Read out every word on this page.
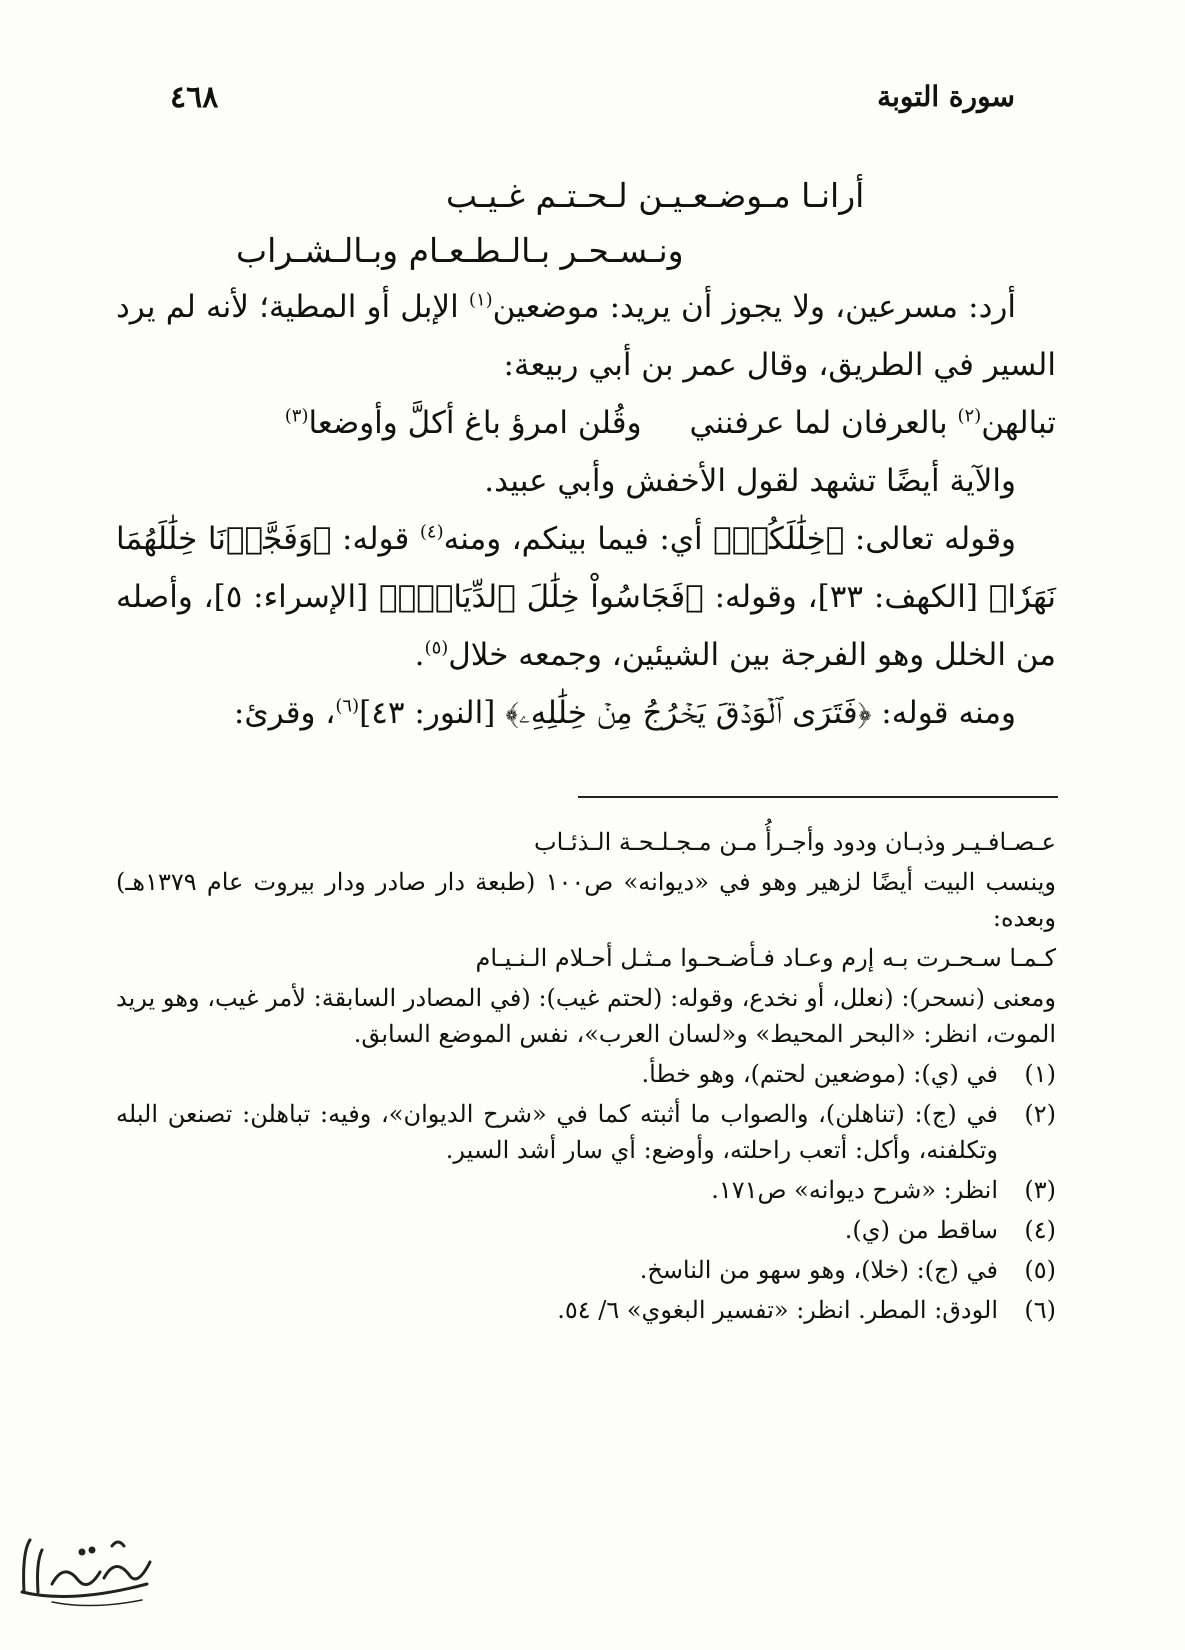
٤٦٨	سورة التوبة
أرانـا مـوضـعـيـن لـحـتـم غـيـب
ونـسـحـر بـالـطـعـام وبـالـشـراب

أرد: مسرعين، ولا يجوز أن يريد: موضعين$^{(١)}$ الإبل أو المطية؛ لأنه لم يرد السير في الطريق، وقال عمر بن أبي ربيعة:

تبالهن$^{(٢)}$ بالعرفان لما عرفننيوقُلن امرؤ باغ أكلَّ وأوضعا$^{(٣)}$

والآية أيضًا تشهد لقول الأخفش وأبي عبيد.

وقوله تعالى: ﴿خِلَٰلَكُمۡ﴾ أي: فيما بينكم، ومنه$^{(٤)}$ قوله: ﴿وَفَجَّرۡنَا خِلَٰلَهُمَا نَهَرٗا﴾ [الكهف: ٣٣]، وقوله: ﴿فَجَاسُواْ خِلَٰلَ ٱلدِّيَارِۚ﴾ [الإسراء: ٥]، وأصله من الخلل وهو الفرجة بين الشيئين، وجمعه خلال$^{(٥)}$.

ومنه قوله: ﴿فَتَرَى ٱلۡوَدۡقَ يَخۡرُجُ مِنۡ خِلَٰلِهِۦ﴾ [النور: ٤٣]$^{(٦)}$، وقرئ:

عـصـافـيـر وذبـان ودود وأجـرأُ مـن مـجـلـحـة الـذئـاب

وينسب البيت أيضًا لزهير وهو في «ديوانه» ص١٠٠ (طبعة دار صادر ودار بيروت عام ١٣٧٩هـ) وبعده:

كـمـا سـحـرت بـه إرم وعـاد فـأضـحـوا مـثـل أحـلام الـنـيـام

ومعنى (نسحر): (نعلل، أو نخدع، وقوله: (لحتم غيب): (في المصادر السابقة: لأمر غيب، وهو يريد الموت، انظر: «البحر المحيط» و«لسان العرب»، نفس الموضع السابق.

(١)
في (ي): (موضعين لحتم)، وهو خطأ.
(٢)
في (ج): (تناهلن)، والصواب ما أثبته كما في «شرح الديوان»، وفيه: تباهلن: تصنعن البله وتكلفنه، وأكل: أتعب راحلته، وأوضع: أي سار أشد السير.
(٣)
انظر: «شرح ديوانه» ص١٧١.
(٤)
ساقط من (ي).
(٥)
في (ج): (خلا)، وهو سهو من الناسخ.
(٦)
الودق: المطر. انظر: «تفسير البغوي» ٦/ ٥٤.
